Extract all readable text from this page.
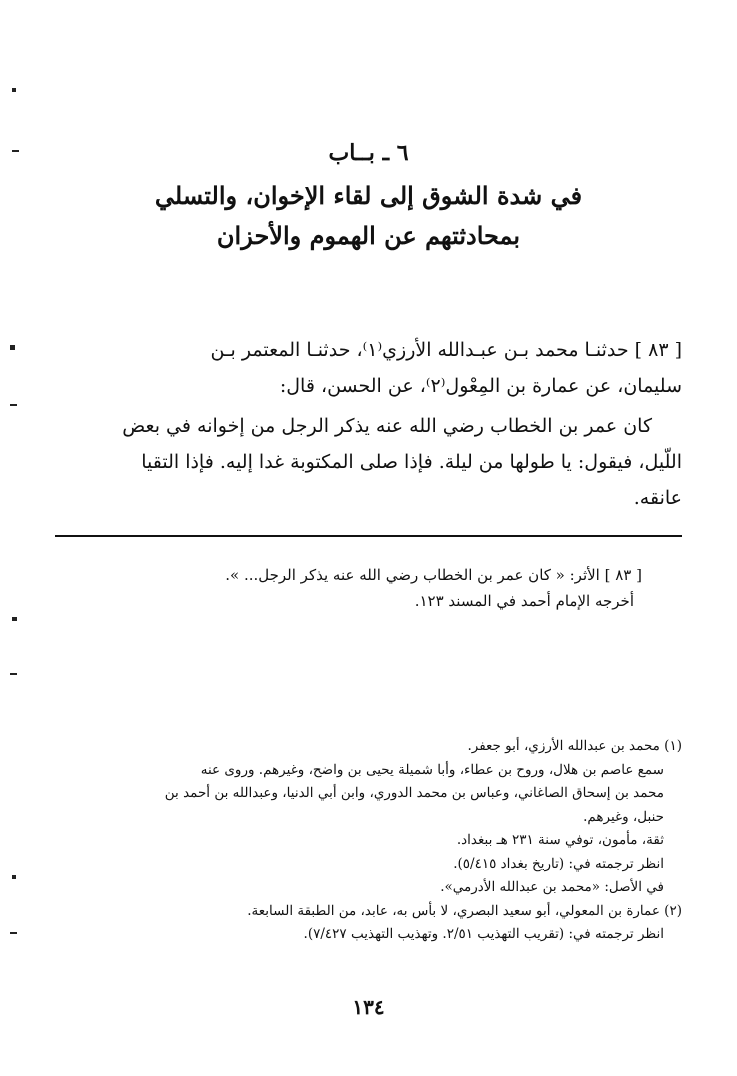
٦ ـ بــاب
في شدة الشوق إلى لقاء الإخوان، والتسلي
بمحادثتهم عن الهموم والأحزان
[ ٨٣ ] حدثنـا محمد بـن عبـدالله الأرزي⁽١⁾، حدثنـا المعتمر بـن
سليمان، عن عمارة بن المِعْول⁽٢⁾، عن الحسن، قال:
كان عمر بن الخطاب رضي الله عنه يذكر الرجل من إخوانه في بعض
اللّيل، فيقول: يا طولها من ليلة. فإذا صلى المكتوبة غدا إليه. فإذا التقيا
عانقه.
[ ٨٣ ] الأثر: « كان عمر بن الخطاب رضي الله عنه يذكر الرجل... ».
أخرجه الإمام أحمد في المسند ١٢٣.

(١) محمد بن عبدالله الأرزي، أبو جعفر.

سمع عاصم بن هلال، وروح بن عطاء، وأبا شميلة يحيى بن واضح، وغيرهم. وروى عنه

محمد بن إسحاق الصاغاني، وعباس بن محمد الدوري، وابن أبي الدنيا، وعبدالله بن أحمد بن

حنبل، وغيرهم.

ثقة، مأمون، توفي سنة ٢٣١ هـ ببغداد.

انظر ترجمته في: (تاريخ بغداد ٥/٤١٥).

في الأصل: «محمد بن عبدالله الأدرمي».

(٢) عمارة بن المعولي، أبو سعيد البصري، لا بأس به، عابد، من الطبقة السابعة.

انظر ترجمته في: (تقريب التهذيب ٢/٥١. وتهذيب التهذيب ٧/٤٢٧).

١٣٤
